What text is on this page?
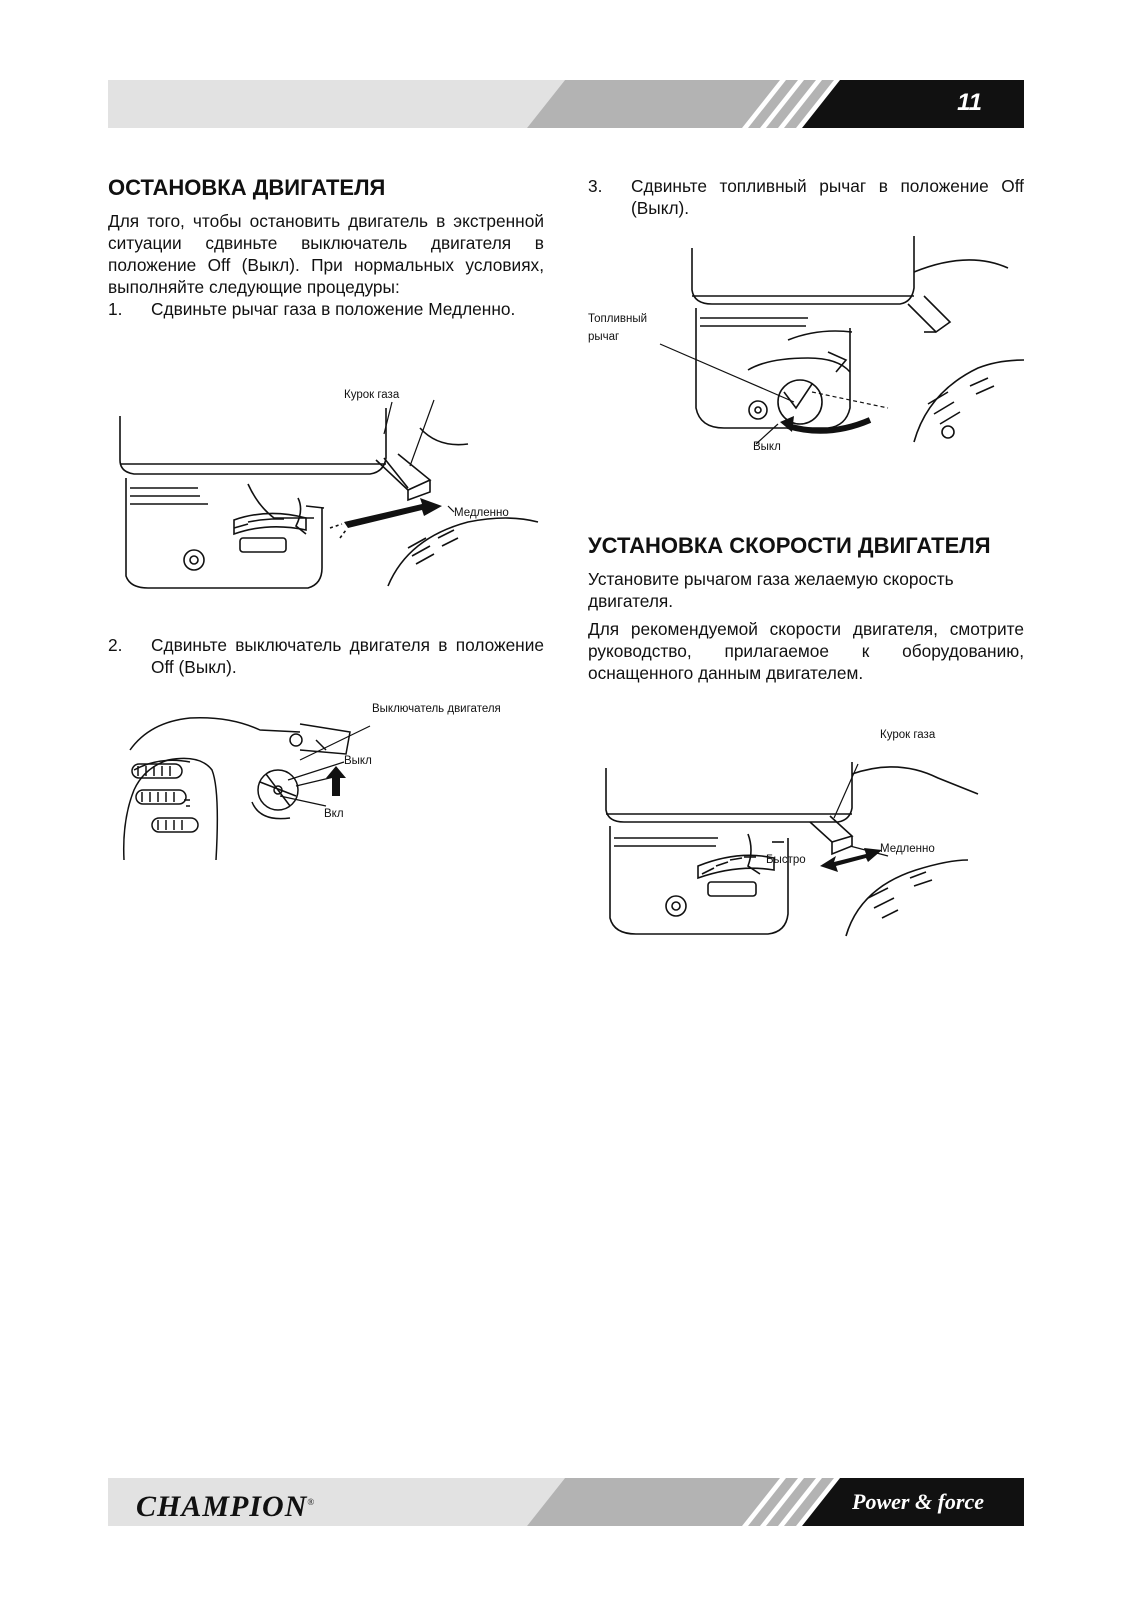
11
ОСТАНОВКА ДВИГАТЕЛЯ

Для того, чтобы остановить двигатель в экстренной ситуации сдвиньте выключатель двигателя в положение Off (Выкл). При нормальных условиях, выполняйте следующие процедуры:

1. Сдвиньте рычаг газа в положение Медленно.
Курок газа
Медленно
2. Сдвиньте выключатель двигателя в положение Off (Выкл).
Выключатель двигателя
Выкл
Вкл
3. Сдвиньте топливный рычаг в положение Off (Выкл).
Топливный
рычаг
Выкл
УСТАНОВКА СКОРОСТИ ДВИГАТЕЛЯ

Установите рычагом газа желаемую скорость двигателя.

Для рекомендуемой скорости двигателя, смотрите руководство, прилагаемое к оборудованию, оснащенного данным двигателем.

Курок газа
Медленно
Быстро
CHAMPION®	Power & force
